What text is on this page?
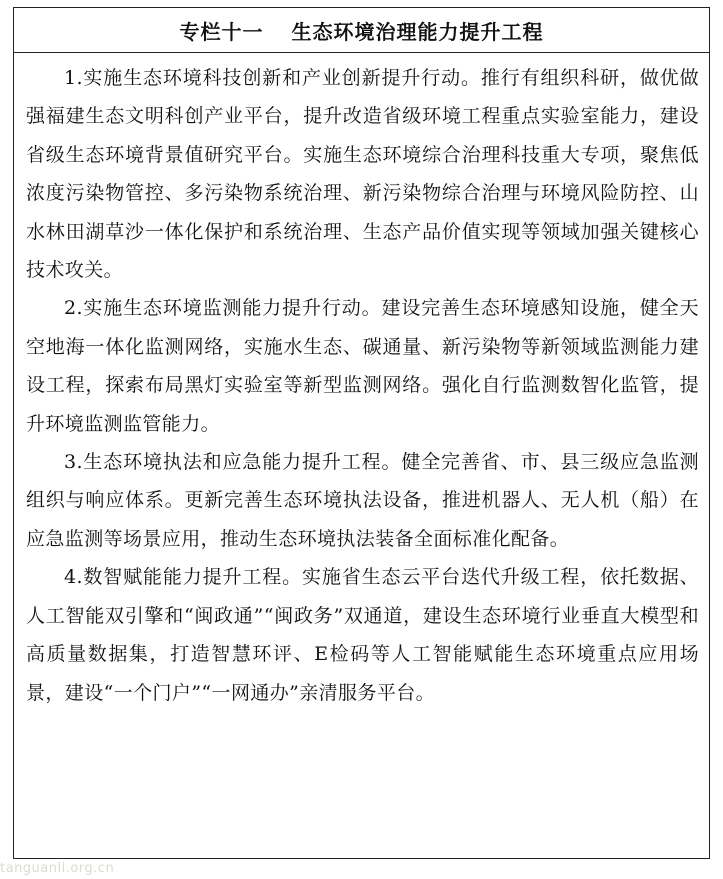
专栏十一 生态环境治理能力提升工程

1.实施生态环境科技创新和产业创新提升行动。推行有组织科研，做优做强福建生态文明科创产业平台，提升改造省级环境工程重点实验室能力，建设省级生态环境背景值研究平台。实施生态环境综合治理科技重大专项，聚焦低浓度污染物管控、多污染物系统治理、新污染物综合治理与环境风险防控、山水林田湖草沙一体化保护和系统治理、生态产品价值实现等领域加强关键核心技术攻关。

2.实施生态环境监测能力提升行动。建设完善生态环境感知设施，健全天空地海一体化监测网络，实施水生态、碳通量、新污染物等新领域监测能力建设工程，探索布局黑灯实验室等新型监测网络。强化自行监测数智化监管，提升环境监测监管能力。

3.生态环境执法和应急能力提升工程。健全完善省、市、县三级应急监测组织与响应体系。更新完善生态环境执法设备，推进机器人、无人机（船）在应急监测等场景应用，推动生态环境执法装备全面标准化配备。

4.数智赋能能力提升工程。实施省生态云平台迭代升级工程，依托数据、人工智能双引擎和“闽政通”“闽政务”双通道，建设生态环境行业垂直大模型和高质量数据集，打造智慧环评、E检码等人工智能赋能生态环境重点应用场景，建设“一个门户”“一网通办”亲清服务平台。

tanguanli.org.cn
